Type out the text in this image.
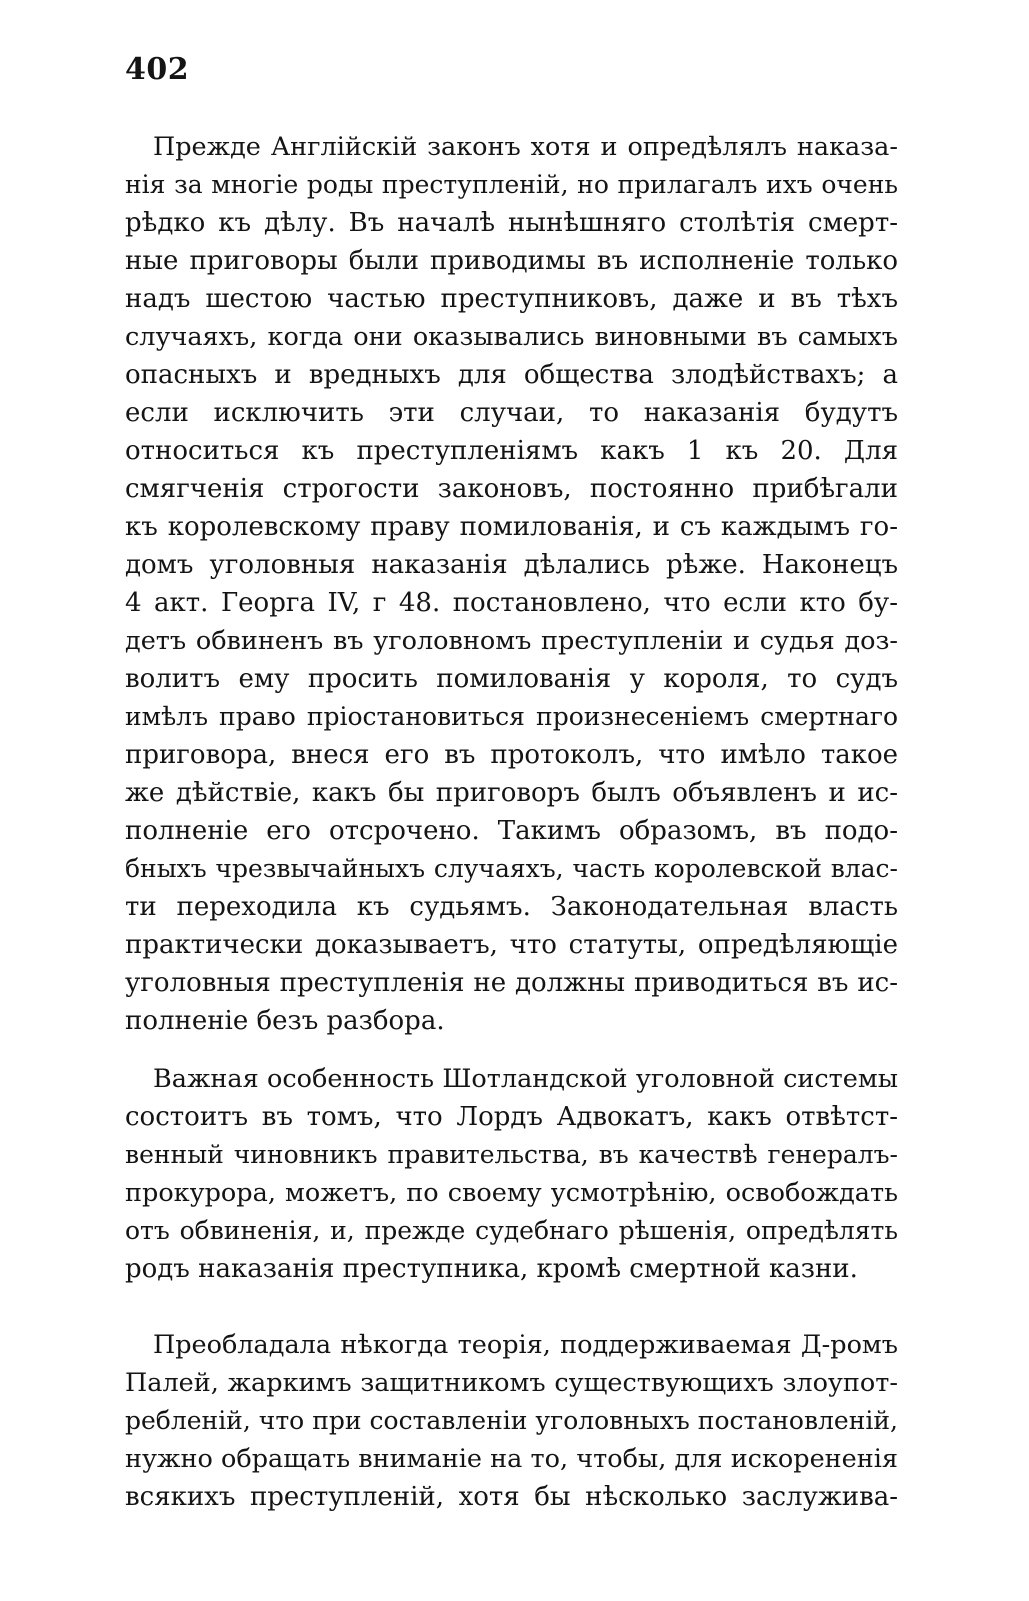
402
Прежде Англійскій законъ хотя и опредѣлялъ наказа-
нія за многіе роды преступленій, но прилагалъ ихъ очень
рѣдко къ дѣлу. Въ началѣ нынѣшняго столѣтія смерт-
ные приговоры были приводимы въ исполненіе только
надъ шестою частью преступниковъ, даже и въ тѣхъ
случаяхъ, когда они оказывались виновными въ самыхъ
опасныхъ и вредныхъ для общества злодѣйствахъ; а
если исключить эти случаи, то наказанія будутъ
относиться къ преступленіямъ какъ 1 къ 20. Для
смягченія строгости законовъ, постоянно прибѣгали
къ королевскому праву помилованія, и съ каждымъ го-
домъ уголовныя наказанія дѣлались рѣже. Наконецъ
4 акт. Георга IV, г 48. постановлено, что если кто бу-
детъ обвиненъ въ уголовномъ преступленіи и судья доз-
волитъ ему просить помилованія у короля, то судъ
имѣлъ право пріостановиться произнесеніемъ смертнаго
приговора, внеся его въ протоколъ, что имѣло такое
же дѣйствіе, какъ бы приговоръ былъ объявленъ и ис-
полненіе его отсрочено. Такимъ образомъ, въ подо-
бныхъ чрезвычайныхъ случаяхъ, часть королевской влас-
ти переходила къ судьямъ. Законодательная власть
практически доказываетъ, что статуты, опредѣляющіе
уголовныя преступленія не должны приводиться въ ис-
полненіе безъ разбора.
Важная особенность Шотландской уголовной системы
состоитъ въ томъ, что Лордъ Адвокатъ, какъ отвѣтст-
венный чиновникъ правительства, въ качествѣ генералъ-
прокурора, можетъ, по своему усмотрѣнію, освобождать
отъ обвиненія, и, прежде судебнаго рѣшенія, опредѣлять
родъ наказанія преступника, кромѣ смертной казни.
Преобладала нѣкогда теорія, поддерживаемая Д-ромъ
Палей, жаркимъ защитникомъ существующихъ злоупот-
ребленій, что при составленіи уголовныхъ постановленій,
нужно обращать вниманіе на то, чтобы, для искорененія
всякихъ преступленій, хотя бы нѣсколько заслужива-
